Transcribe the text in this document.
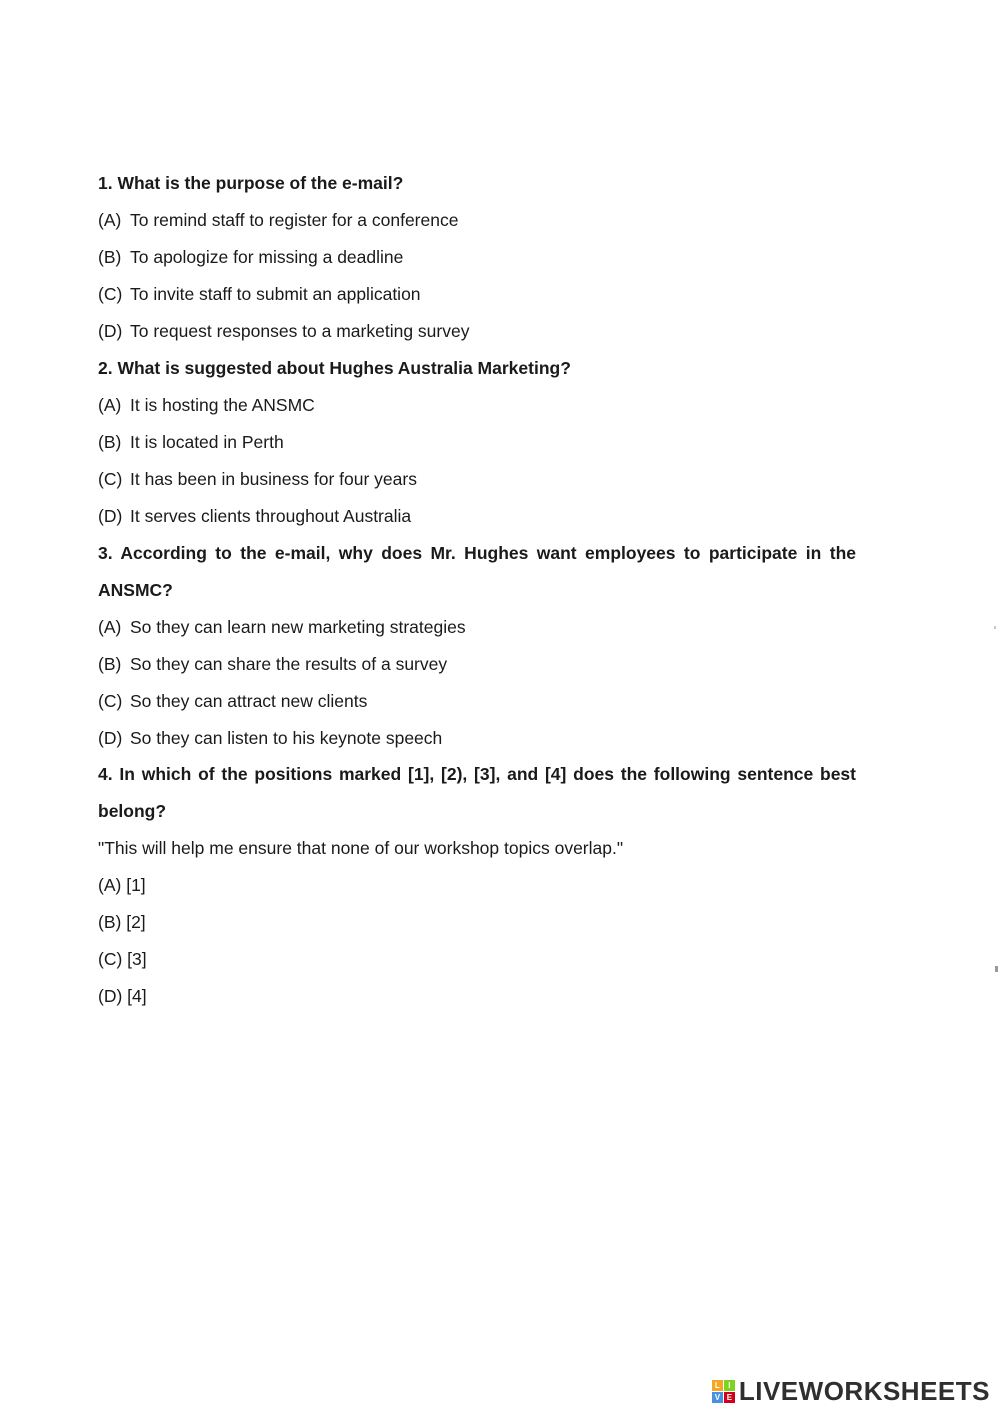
1. What is the purpose of the e-mail?
(A) To remind staff to register for a conference
(B) To apologize for missing a deadline
(C) To invite staff to submit an application
(D) To request responses to a marketing survey
2. What is suggested about Hughes Australia Marketing?
(A) It is hosting the ANSMC
(B) It is located in Perth
(C) It has been in business for four years
(D) It serves clients throughout Australia
3. According to the e-mail, why does Mr. Hughes want employees to participate in the ANSMC?
(A) So they can learn new marketing strategies
(B) So they can share the results of a survey
(C) So they can attract new clients
(D) So they can listen to his keynote speech
4. In which of the positions marked [1], [2), [3], and [4] does the following sentence best belong?
"This will help me ensure that none of our workshop topics overlap."
(A) [1]
(B) [2]
(C) [3]
(D) [4]
L	I
V E LIVEWORKSHEETS
